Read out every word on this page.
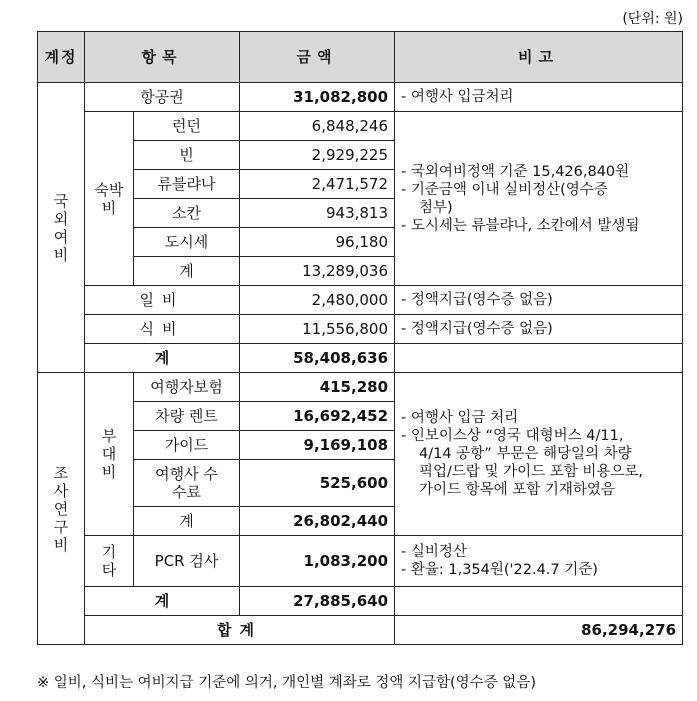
(단위: 원)
계정	항목		금액	비고	
국외여비	항공권		31,082,800	- 여행사 입금처리	
	숙박비	런던	6,848,246	- 국외여비정액 기준 15,426,840원
- 기준금액 이내 실비정산(영수증
첨부)
- 도시세는 류블랴나, 소칸에서 발생됨	

		빈	2,929,225		
		류블랴나	2,471,572		
		소칸	943,813		
		도시세	96,180		
		계	13,289,036		
	일비		2,480,000	- 정액지급(영수증 없음)	
	식비		11,556,800	- 정액지급(영수증 없음)	
	계		58,408,636		
조사연구비	부대비	여행자보험	415,280	- 여행사 입금 처리
- 인보이스상 “영국 대형버스 4/11,
4/14 공항” 부문은 해당일의 차량
픽업/드랍 및 가이드 포함 비용으로,
가이드 항목에 포함 기재하였음	

		차량 렌트	16,692,452		
		가이드	9,169,108		
		여행사 수수료	525,600		
		계	26,802,440		
	기타	PCR 검사	1,083,200	- 실비정산
- 환율: 1,354원('22.4.7 기준)	

	계		27,885,640		
	합계			86,294,276	
※ 일비, 식비는 여비지급 기준에 의거, 개인별 계좌로 정액 지급함(영수증 없음)
